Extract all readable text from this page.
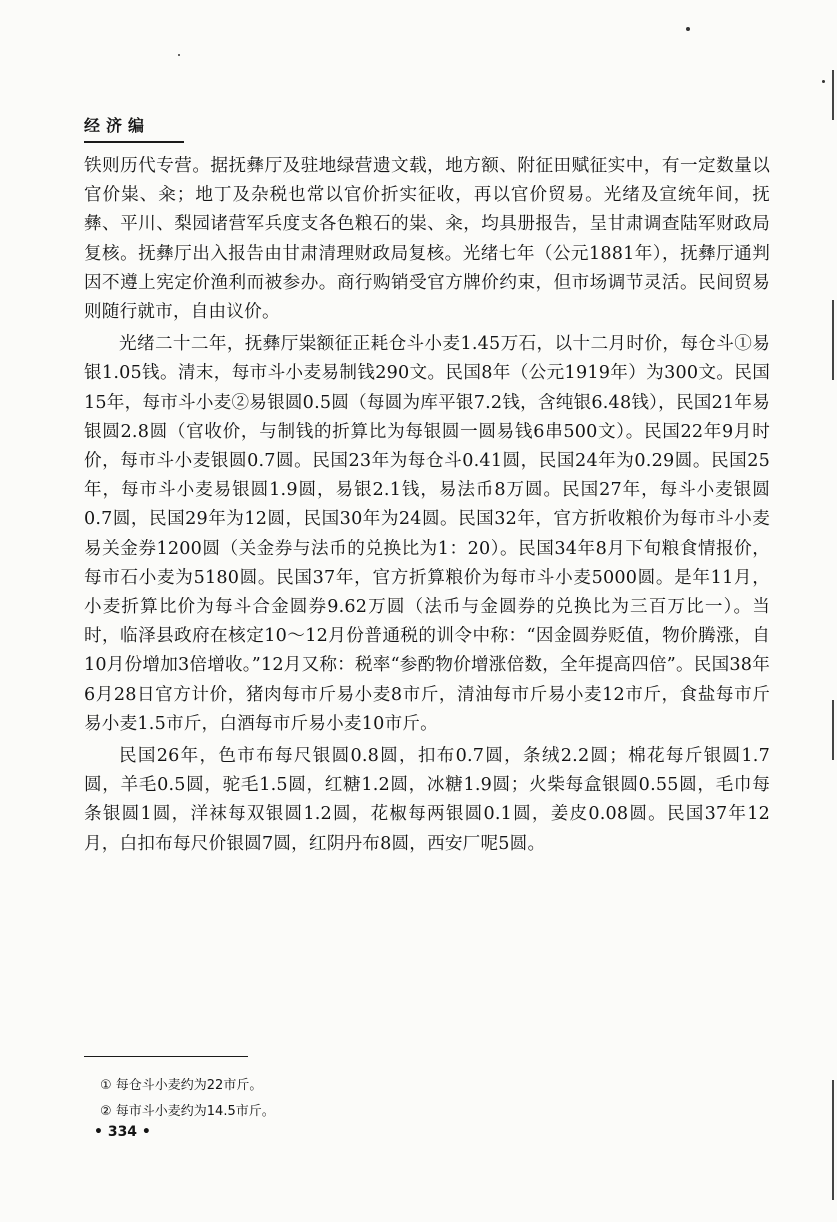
经济编

铁则历代专营。据抚彝厅及驻地绿营遗文载，地方额、附征田赋征实中，有一定数量以官价粜、籴；地丁及杂税也常以官价折实征收，再以官价贸易。光绪及宣统年间，抚彝、平川、梨园诸营军兵度支各色粮石的粜、籴，均具册报告，呈甘肃调查陆军财政局复核。抚彝厅出入报告由甘肃清理财政局复核。光绪七年（公元1881年），抚彝厅通判因不遵上宪定价渔利而被参办。商行购销受官方牌价约束，但市场调节灵活。民间贸易则随行就市，自由议价。

光绪二十二年，抚彝厅粜额征正耗仓斗小麦1.45万石，以十二月时价，每仓斗①易银1.05钱。清末，每市斗小麦易制钱290文。民国8年（公元1919年）为300文。民国15年，每市斗小麦②易银圆0.5圆（每圆为库平银7.2钱，含纯银6.48钱），民国21年易银圆2.8圆（官收价，与制钱的折算比为每银圆一圆易钱6串500文）。民国22年9月时价，每市斗小麦银圆0.7圆。民国23年为每仓斗0.41圆，民国24年为0.29圆。民国25年，每市斗小麦易银圆1.9圆，易银2.1钱，易法币8万圆。民国27年，每斗小麦银圆0.7圆，民国29年为12圆，民国30年为24圆。民国32年，官方折收粮价为每市斗小麦易关金券1200圆（关金券与法币的兑换比为1：20）。民国34年8月下旬粮食情报价，每市石小麦为5180圆。民国37年，官方折算粮价为每市斗小麦5000圆。是年11月，小麦折算比价为每斗合金圆券9.62万圆（法币与金圆券的兑换比为三百万比一）。当时，临泽县政府在核定10～12月份普通税的训令中称：“因金圆券贬值，物价腾涨，自10月份增加3倍增收。”12月又称：税率“参酌物价增涨倍数，全年提高四倍”。民国38年6月28日官方计价，猪肉每市斤易小麦8市斤，清油每市斤易小麦12市斤，食盐每市斤易小麦1.5市斤，白酒每市斤易小麦10市斤。

民国26年，色市布每尺银圆0.8圆，扣布0.7圆，条绒2.2圆；棉花每斤银圆1.7圆，羊毛0.5圆，驼毛1.5圆，红糖1.2圆，冰糖1.9圆；火柴每盒银圆0.55圆，毛巾每条银圆1圆，洋袜每双银圆1.2圆，花椒每两银圆0.1圆，姜皮0.08圆。民国37年12月，白扣布每尺价银圆7圆，红阴丹布8圆，西安厂呢5圆。

① 每仓斗小麦约为22市斤。
② 每市斗小麦约为14.5市斤。
• 334 •
